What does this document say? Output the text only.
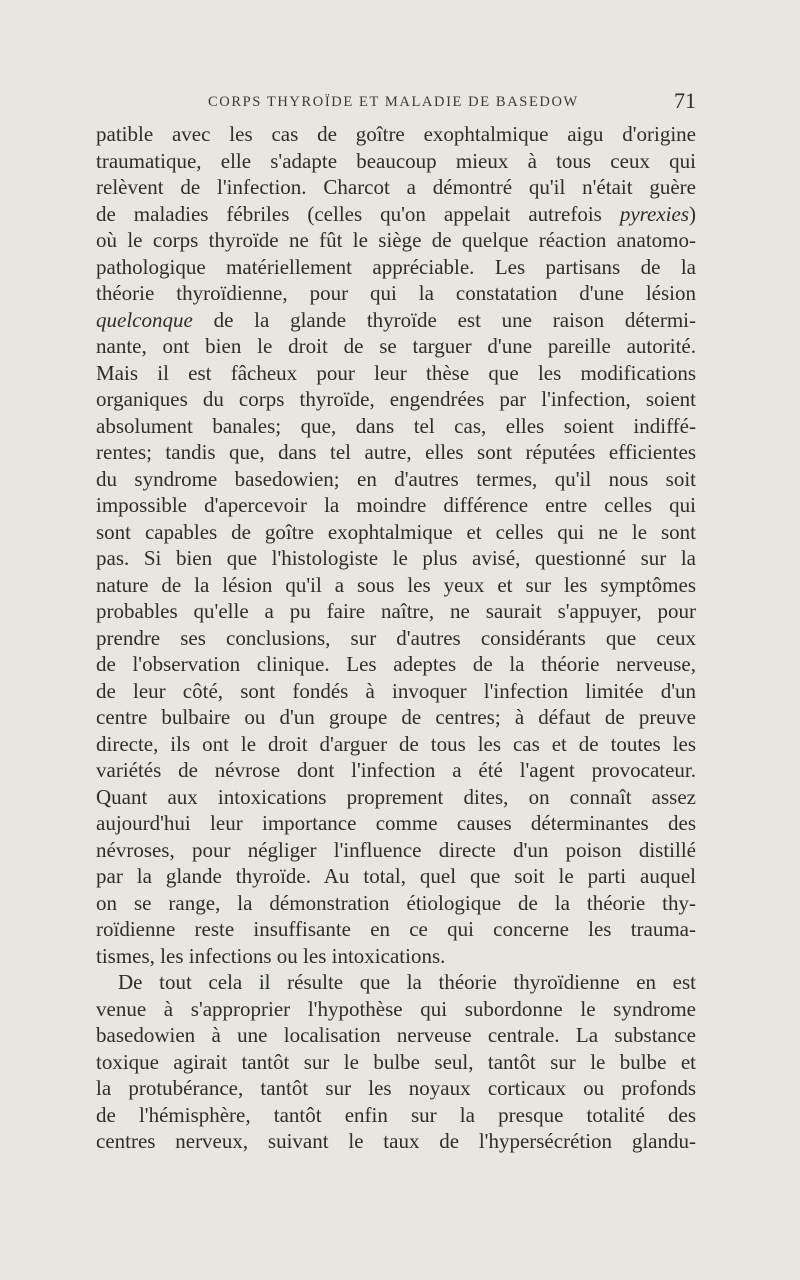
CORPS THYROÏDE ET MALADIE DE BASEDOW	71
patible avec les cas de goître exophtalmique aigu d'origine
traumatique, elle s'adapte beaucoup mieux à tous ceux qui
relèvent de l'infection. Charcot a démontré qu'il n'était guère
de maladies fébriles (celles qu'on appelait autrefois pyrexies)
où le corps thyroïde ne fût le siège de quelque réaction anatomo-
pathologique matériellement appréciable. Les partisans de la
théorie thyroïdienne, pour qui la constatation d'une lésion
quelconque de la glande thyroïde est une raison détermi-
nante, ont bien le droit de se targuer d'une pareille autorité.
Mais il est fâcheux pour leur thèse que les modifications
organiques du corps thyroïde, engendrées par l'infection, soient
absolument banales; que, dans tel cas, elles soient indiffé-
rentes; tandis que, dans tel autre, elles sont réputées efficientes
du syndrome basedowien; en d'autres termes, qu'il nous soit
impossible d'apercevoir la moindre différence entre celles qui
sont capables de goître exophtalmique et celles qui ne le sont
pas. Si bien que l'histologiste le plus avisé, questionné sur la
nature de la lésion qu'il a sous les yeux et sur les symptômes
probables qu'elle a pu faire naître, ne saurait s'appuyer, pour
prendre ses conclusions, sur d'autres considérants que ceux
de l'observation clinique. Les adeptes de la théorie nerveuse,
de leur côté, sont fondés à invoquer l'infection limitée d'un
centre bulbaire ou d'un groupe de centres; à défaut de preuve
directe, ils ont le droit d'arguer de tous les cas et de toutes les
variétés de névrose dont l'infection a été l'agent provocateur.
Quant aux intoxications proprement dites, on connaît assez
aujourd'hui leur importance comme causes déterminantes des
névroses, pour négliger l'influence directe d'un poison distillé
par la glande thyroïde. Au total, quel que soit le parti auquel
on se range, la démonstration étiologique de la théorie thy-
roïdienne reste insuffisante en ce qui concerne les trauma-
tismes, les infections ou les intoxications.
De tout cela il résulte que la théorie thyroïdienne en est
venue à s'approprier l'hypothèse qui subordonne le syndrome
basedowien à une localisation nerveuse centrale. La substance
toxique agirait tantôt sur le bulbe seul, tantôt sur le bulbe et
la protubérance, tantôt sur les noyaux corticaux ou profonds
de l'hémisphère, tantôt enfin sur la presque totalité des
centres nerveux, suivant le taux de l'hypersécrétion glandu-
